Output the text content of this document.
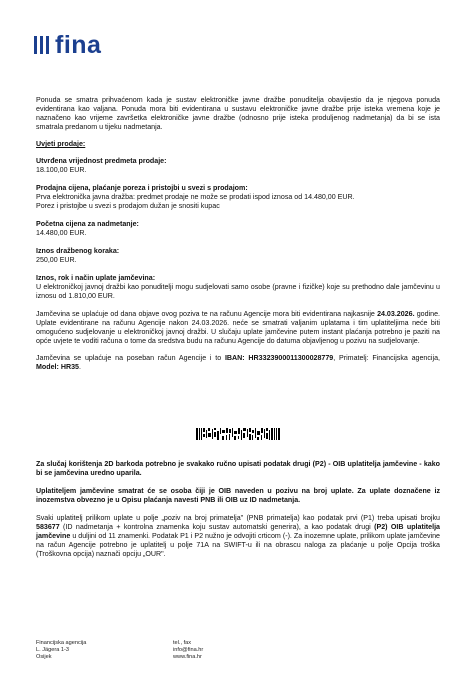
fina

Ponuda se smatra prihvaćenom kada je sustav elektroničke javne dražbe ponuditelja obavijestio da je njegova ponuda evidentirana kao valjana. Ponuda mora biti evidentirana u sustavu elektroničke javne dražbe prije isteka vremena koje je naznačeno kao vrijeme završetka elektroničke javne dražbe (odnosno prije isteka produljenog nadmetanja) da bi se ista smatrala predanom u tijeku nadmetanja.

Uvjeti prodaje:
Utvrđena vrijednost predmeta prodaje:
18.100,00 EUR.
Prodajna cijena, plaćanje poreza i pristojbi u svezi s prodajom:
Prva elektronička javna dražba: predmet prodaje ne može se prodati ispod iznosa od 14.480,00 EUR.
Porez i pristojbe u svezi s prodajom dužan je snositi kupac
Početna cijena za nadmetanje:
14.480,00 EUR.
Iznos dražbenog koraka:
250,00 EUR.
Iznos, rok i način uplate jamčevina:

U elektroničkoj javnoj dražbi kao ponuditelji mogu sudjelovati samo osobe (pravne i fizičke) koje su prethodno dale jamčevinu u iznosu od 1.810,00 EUR.

Jamčevina se uplaćuje od dana objave ovog poziva te na računu Agencije mora biti evidentirana najkasnije 24.03.2026. godine. Uplate evidentirane na računu Agencije nakon 24.03.2026. neće se smatrati valjanim uplatama i tim uplatiteljima neće biti omogućeno sudjelovanje u elektroničkoj javnoj dražbi. U slučaju uplate jamčevine putem instant plaćanja potrebno je paziti na opće uvjete te voditi računa o tome da sredstva budu na računu Agencije do datuma objavljenog u pozivu na sudjelovanje.

Jamčevina se uplaćuje na poseban račun Agencije i to IBAN: HR3323900011300028779, Primatelj: Financijska agencija, Model: HR35.

Za slučaj korištenja 2D barkoda potrebno je svakako ručno upisati podatak drugi (P2) - OIB uplatitelja jamčevine - kako bi se jamčevina uredno uparila.

Uplatiteljem jamčevine smatrat će se osoba čiji je OIB naveden u pozivu na broj uplate. Za uplate doznačene iz inozemstva obvezno je u Opisu plaćanja navesti PNB ili OIB uz ID nadmetanja.

Svaki uplatitelj prilikom uplate u polje „poziv na broj primatelja" (PNB primatelja) kao podatak prvi (P1) treba upisati brojku 583677 (ID nadmetanja + kontrolna znamenka koju sustav automatski generira), a kao podatak drugi (P2) OIB uplatitelja jamčevine u duljini od 11 znamenki. Podatak P1 i P2 nužno je odvojiti crticom (-). Za inozemne uplate, prilikom uplate jamčevine na račun Agencije potrebno je uplatitelj u polje 71A na SWIFT-u ili na obrascu naloga za plaćanje u polje Opcija troška (Troškovna opcija) naznači opciju „OUR".

Financijska agencija
L. Jägera 1-3
Osijek
tel., fax
info@fina.hr
www.fina.hr
